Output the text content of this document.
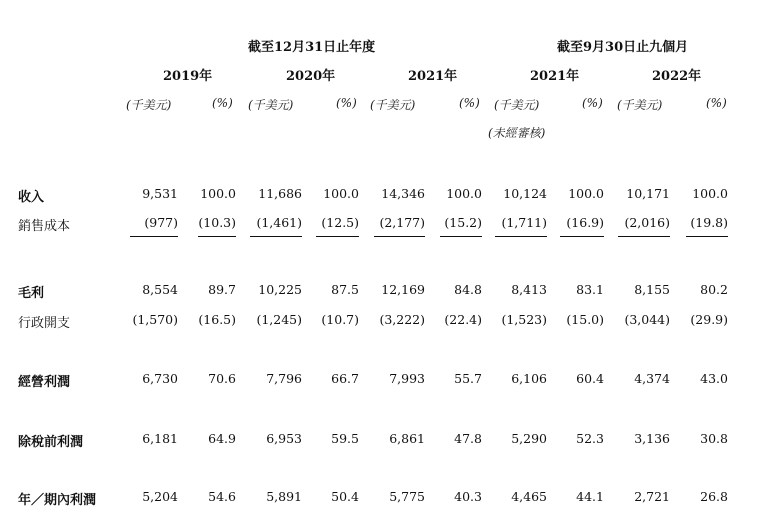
截至12月31日止年度	截至9月30日止九個月
2019年	2020年	2021年	2021年	2022年
(千美元)	(%) (千美元)	(%) (千美元)	(%) (千美元)	(%) (千美元)	(%)
(未經審核)
收入	9,531	100.0	11,686	100.0	14,346	100.0	10,124	100.0	10,171	100.0
銷售成本	(977)	(10.3)	(1,461)	(12.5)	(2,177)	(15.2)	(1,711)	(16.9)	(2,016)	(19.8)
毛利	8,554	89.7	10,225	87.5	12,169	84.8	8,413	83.1	8,155	80.2
行政開支	(1,570)	(16.5)	(1,245)	(10.7)	(3,222)	(22.4)	(1,523)	(15.0)	(3,044)	(29.9)
經營利潤	6,730	70.6	7,796	66.7	7,993	55.7	6,106	60.4	4,374	43.0
除稅前利潤	6,181	64.9	6,953	59.5	6,861	47.8	5,290	52.3	3,136	30.8
年／期內利潤	5,204	54.6	5,891	50.4	5,775	40.3	4,465	44.1	2,721	26.8
